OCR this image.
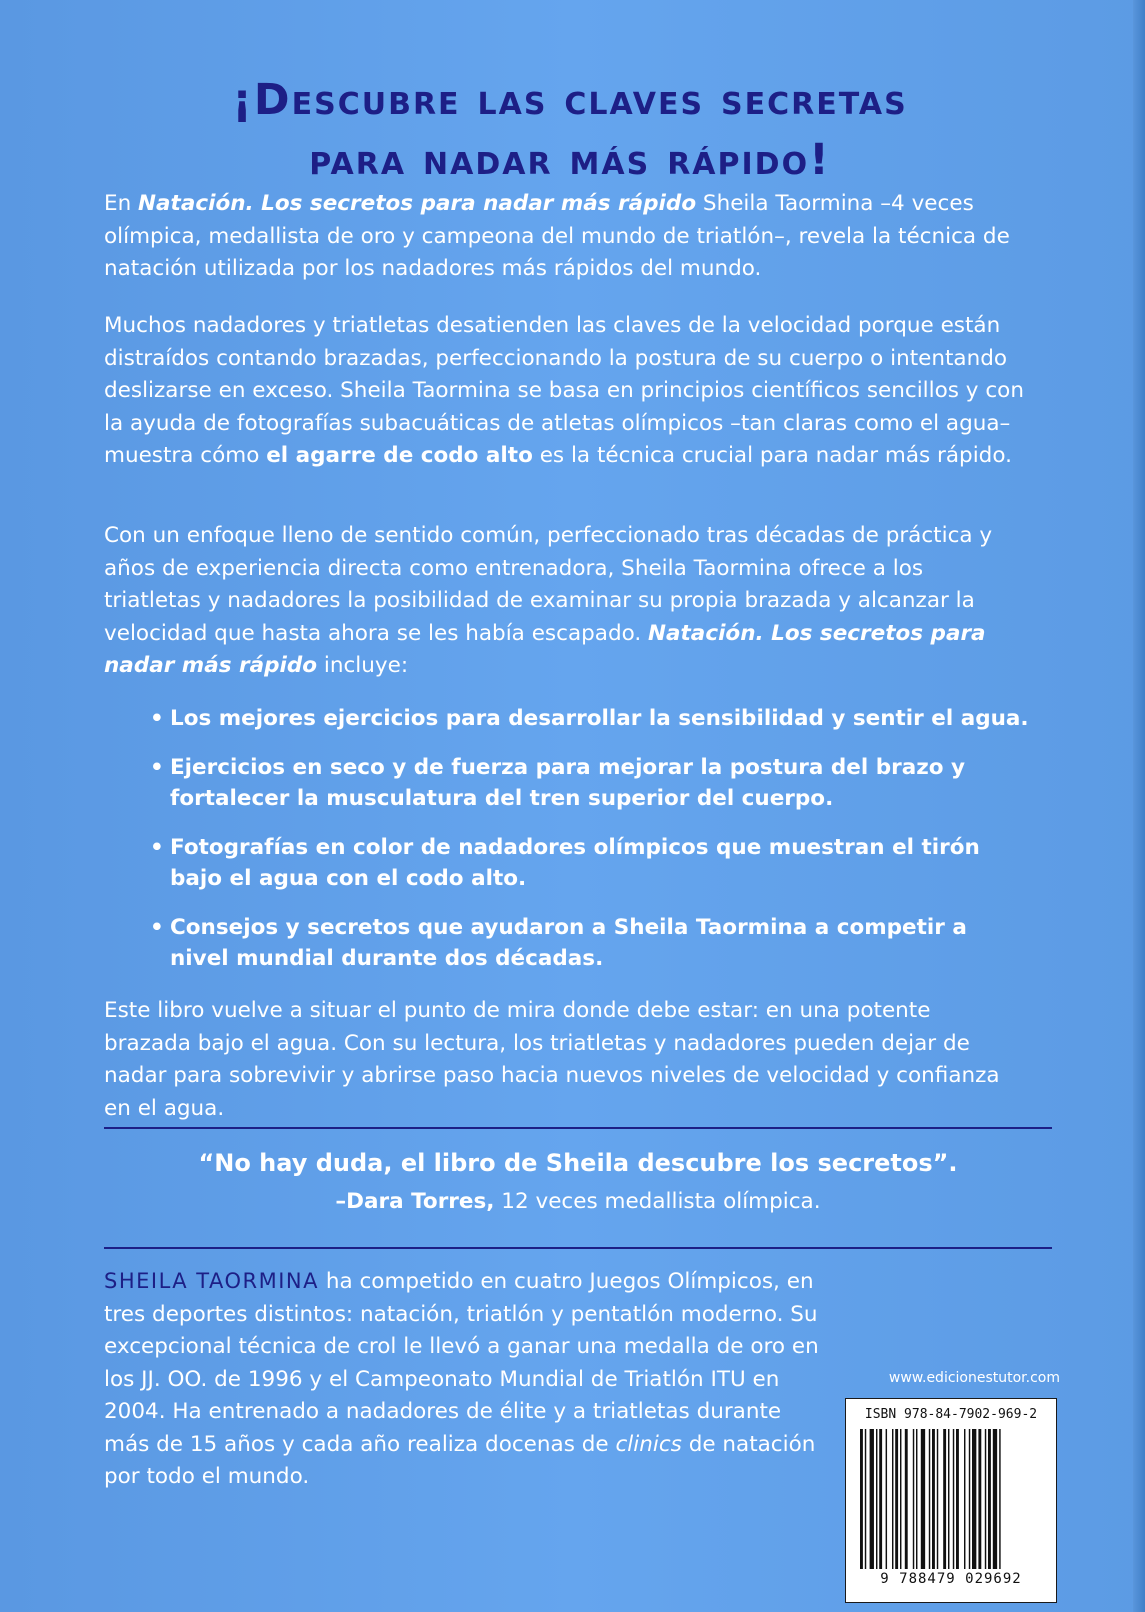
¡Descubre las claves secretas
para nadar más rápido!

En Natación. Los secretos para nadar más rápido Sheila Taormina –4 veces olímpica, medallista de oro y campeona del mundo de triatlón–, revela la técnica de natación utilizada por los nadadores más rápidos del mundo.

Muchos nadadores y triatletas desatienden las claves de la velocidad porque están distraídos contando brazadas, perfeccionando la postura de su cuerpo o intentando deslizarse en exceso. Sheila Taormina se basa en principios científicos sencillos y con la ayuda de fotografías subacuáticas de atletas olímpicos –tan claras como el agua– muestra cómo el agarre de codo alto es la técnica crucial para nadar más rápido.

Con un enfoque lleno de sentido común, perfeccionado tras décadas de práctica y años de experiencia directa como entrenadora, Sheila Taormina ofrece a los triatletas y nadadores la posibilidad de examinar su propia brazada y alcanzar la velocidad que hasta ahora se les había escapado. Natación. Los secretos para nadar más rápido incluye:

• Los mejores ejercicios para desarrollar la sensibilidad y sentir el agua.
• Ejercicios en seco y de fuerza para mejorar la postura del brazo y fortalecer la musculatura del tren superior del cuerpo.
• Fotografías en color de nadadores olímpicos que muestran el tirón bajo el agua con el codo alto.
• Consejos y secretos que ayudaron a Sheila Taormina a competir a nivel mundial durante dos décadas.

Este libro vuelve a situar el punto de mira donde debe estar: en una potente brazada bajo el agua. Con su lectura, los triatletas y nadadores pueden dejar de nadar para sobrevivir y abrirse paso hacia nuevos niveles de velocidad y confianza en el agua.

“No hay duda, el libro de Sheila descubre los secretos”.

–Dara Torres, 12 veces medallista olímpica.

SHEILA TAORMINA ha competido en cuatro Juegos Olímpicos, en tres deportes distintos: natación, triatlón y pentatlón moderno. Su excepcional técnica de crol le llevó a ganar una medalla de oro en los JJ. OO. de 1996 y el Campeonato Mundial de Triatlón ITU en 2004. Ha entrenado a nadadores de élite y a triatletas durante más de 15 años y cada año realiza docenas de clinics de natación por todo el mundo.

www.edicionestutor.com

ISBN 978-84-7902-969-2

9 788479 029692
